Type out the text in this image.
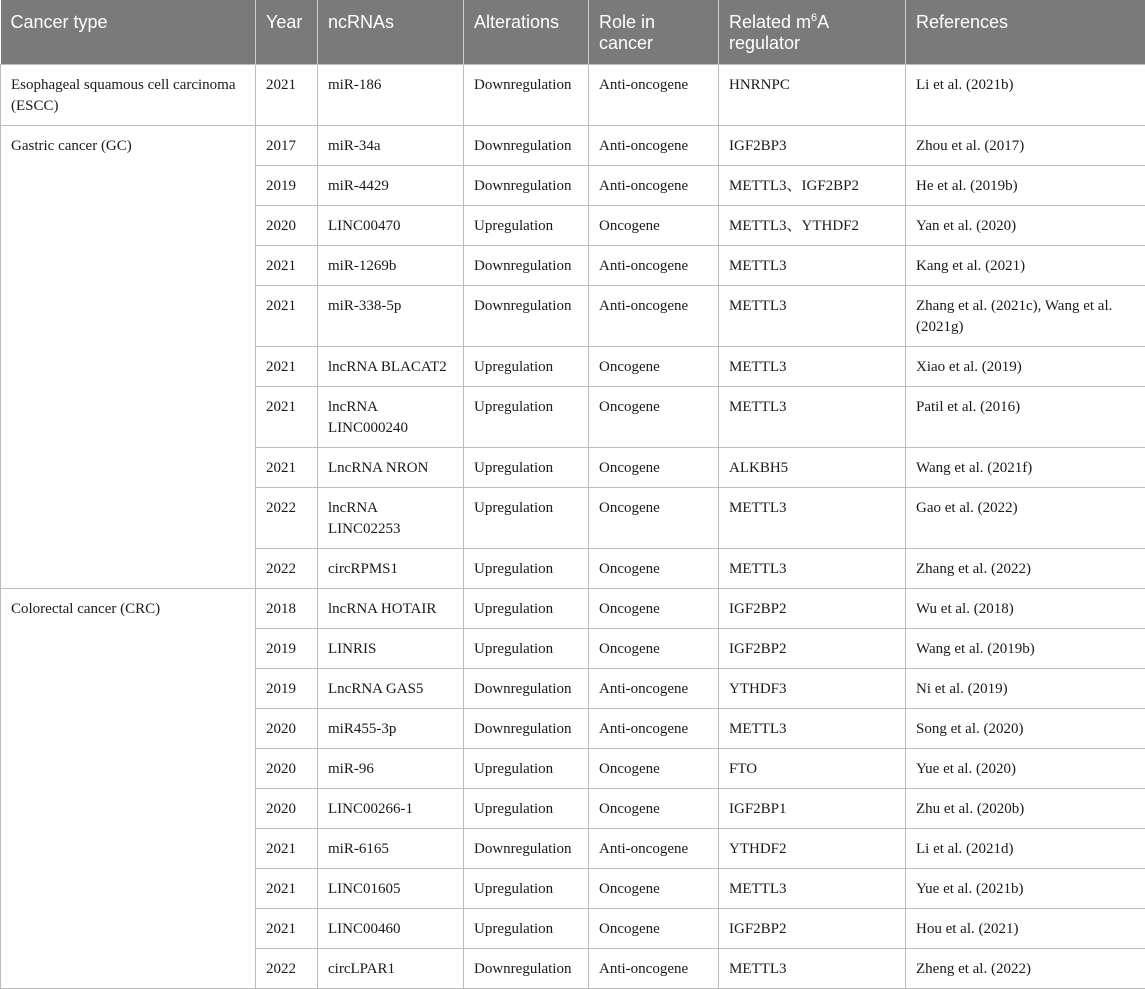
Cancer type	Year	ncRNAs	Alterations	Role in cancer	Related $m^6A$ regulator	References
Esophageal squamous cell carcinoma (ESCC)	2021	miR-186	Downregulation	Anti-oncogene	HNRNPC	Li et al. (2021b)
Gastric cancer (GC)	2017	miR-34a	Downregulation	Anti-oncogene	IGF2BP3	Zhou et al. (2017)
	2019	miR-4429	Downregulation	Anti-oncogene	METTL3、IGF2BP2	He et al. (2019b)
	2020	LINC00470	Upregulation	Oncogene	METTL3、YTHDF2	Yan et al. (2020)
	2021	miR-1269b	Downregulation	Anti-oncogene	METTL3	Kang et al. (2021)
	2021	miR-338-5p	Downregulation	Anti-oncogene	METTL3	Zhang et al. (2021c), Wang et al. (2021g)
	2021	lncRNA BLACAT2	Upregulation	Oncogene	METTL3	Xiao et al. (2019)
	2021	lncRNA LINC000240	Upregulation	Oncogene	METTL3	Patil et al. (2016)
	2021	LncRNA NRON	Upregulation	Oncogene	ALKBH5	Wang et al. (2021f)
	2022	lncRNA LINC02253	Upregulation	Oncogene	METTL3	Gao et al. (2022)
	2022	circRPMS1	Upregulation	Oncogene	METTL3	Zhang et al. (2022)
Colorectal cancer (CRC)	2018	lncRNA HOTAIR	Upregulation	Oncogene	IGF2BP2	Wu et al. (2018)
	2019	LINRIS	Upregulation	Oncogene	IGF2BP2	Wang et al. (2019b)
	2019	LncRNA GAS5	Downregulation	Anti-oncogene	YTHDF3	Ni et al. (2019)
	2020	miR455-3p	Downregulation	Anti-oncogene	METTL3	Song et al. (2020)
	2020	miR-96	Upregulation	Oncogene	FTO	Yue et al. (2020)
	2020	LINC00266-1	Upregulation	Oncogene	IGF2BP1	Zhu et al. (2020b)
	2021	miR-6165	Downregulation	Anti-oncogene	YTHDF2	Li et al. (2021d)
	2021	LINC01605	Upregulation	Oncogene	METTL3	Yue et al. (2021b)
	2021	LINC00460	Upregulation	Oncogene	IGF2BP2	Hou et al. (2021)
	2022	circLPAR1	Downregulation	Anti-oncogene	METTL3	Zheng et al. (2022)
